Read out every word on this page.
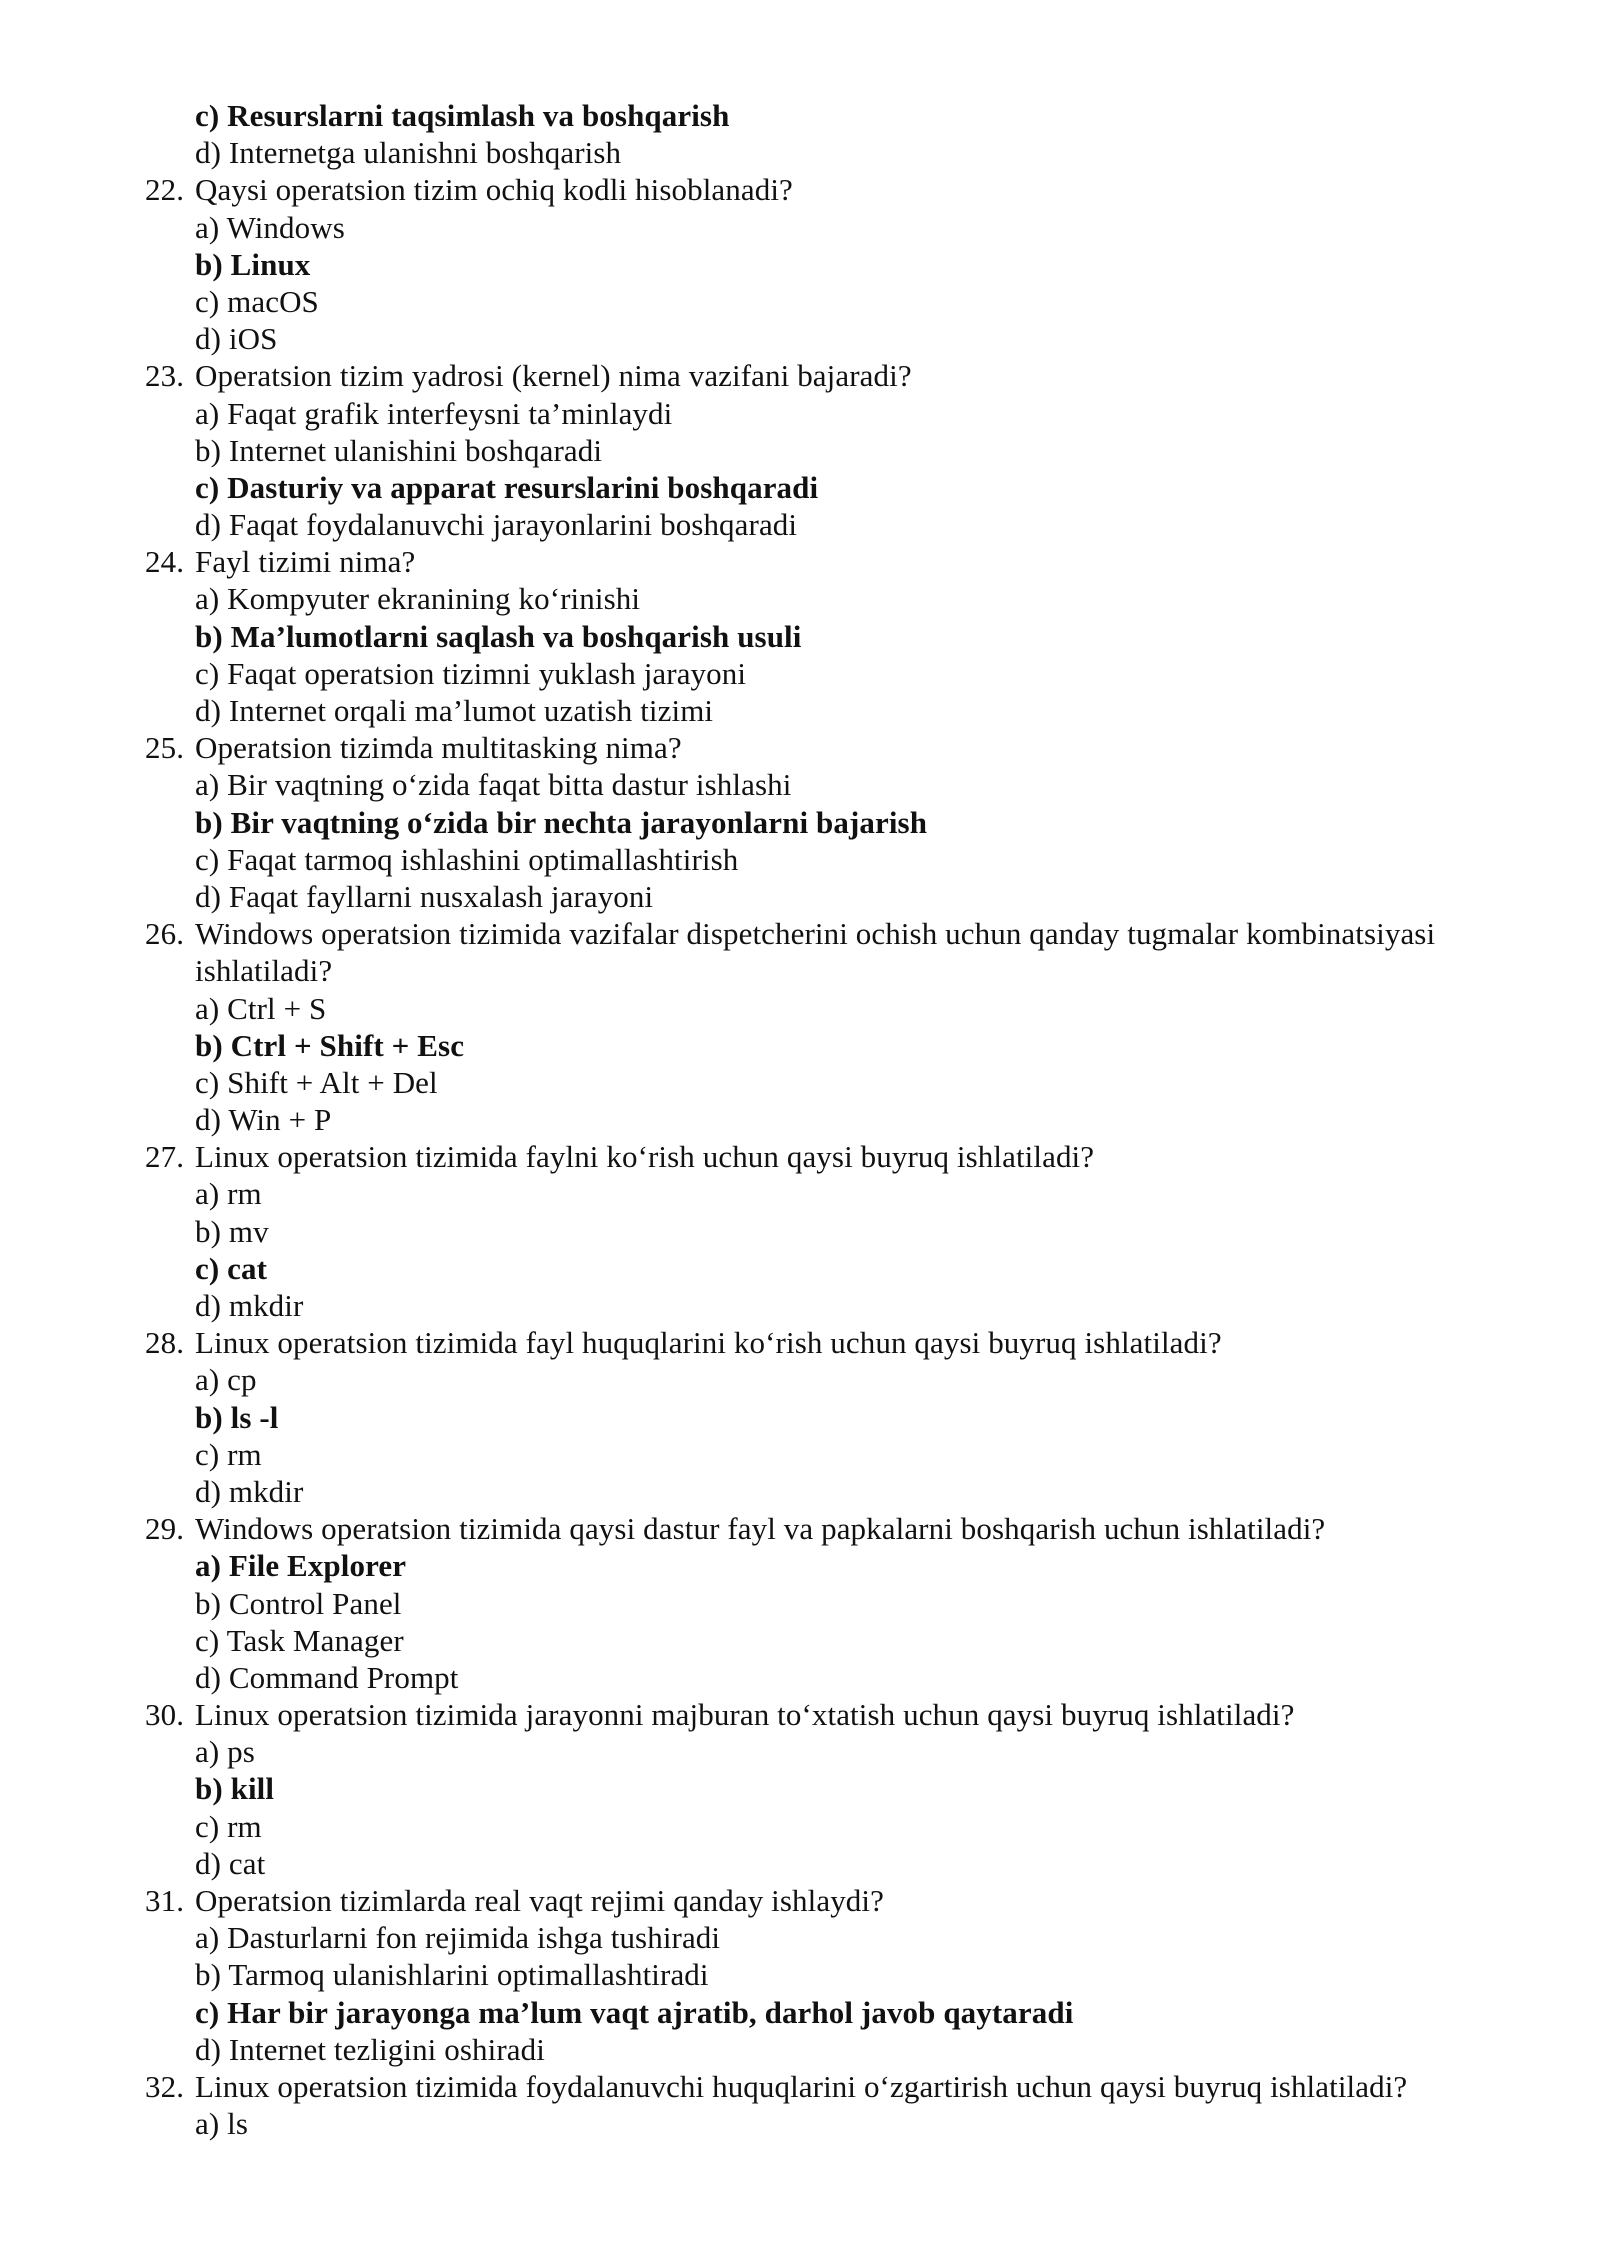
c) Resurslarni taqsimlash va boshqarish
d) Internetga ulanishni boshqarish
22. Qaysi operatsion tizim ochiq kodli hisoblanadi?
a) Windows
b) Linux
c) macOS
d) iOS
23. Operatsion tizim yadrosi (kernel) nima vazifani bajaradi?
a) Faqat grafik interfeysni ta’minlaydi
b) Internet ulanishini boshqaradi
c) Dasturiy va apparat resurslarini boshqaradi
d) Faqat foydalanuvchi jarayonlarini boshqaradi
24. Fayl tizimi nima?
a) Kompyuter ekranining koʻrinishi
b) Ma’lumotlarni saqlash va boshqarish usuli
c) Faqat operatsion tizimni yuklash jarayoni
d) Internet orqali ma’lumot uzatish tizimi
25. Operatsion tizimda multitasking nima?
a) Bir vaqtning oʻzida faqat bitta dastur ishlashi
b) Bir vaqtning oʻzida bir nechta jarayonlarni bajarish
c) Faqat tarmoq ishlashini optimallashtirish
d) Faqat fayllarni nusxalash jarayoni
26. Windows operatsion tizimida vazifalar dispetcherini ochish uchun qanday tugmalar kombinatsiyasi
ishlatiladi?
a) Ctrl + S
b) Ctrl + Shift + Esc
c) Shift + Alt + Del
d) Win + P
27. Linux operatsion tizimida faylni koʻrish uchun qaysi buyruq ishlatiladi?
a) rm
b) mv
c) cat
d) mkdir
28. Linux operatsion tizimida fayl huquqlarini koʻrish uchun qaysi buyruq ishlatiladi?
a) cp
b) ls -l
c) rm
d) mkdir
29. Windows operatsion tizimida qaysi dastur fayl va papkalarni boshqarish uchun ishlatiladi?
a) File Explorer
b) Control Panel
c) Task Manager
d) Command Prompt
30. Linux operatsion tizimida jarayonni majburan toʻxtatish uchun qaysi buyruq ishlatiladi?
a) ps
b) kill
c) rm
d) cat
31. Operatsion tizimlarda real vaqt rejimi qanday ishlaydi?
a) Dasturlarni fon rejimida ishga tushiradi
b) Tarmoq ulanishlarini optimallashtiradi
c) Har bir jarayonga ma’lum vaqt ajratib, darhol javob qaytaradi
d) Internet tezligini oshiradi
32. Linux operatsion tizimida foydalanuvchi huquqlarini oʻzgartirish uchun qaysi buyruq ishlatiladi?
a) ls
